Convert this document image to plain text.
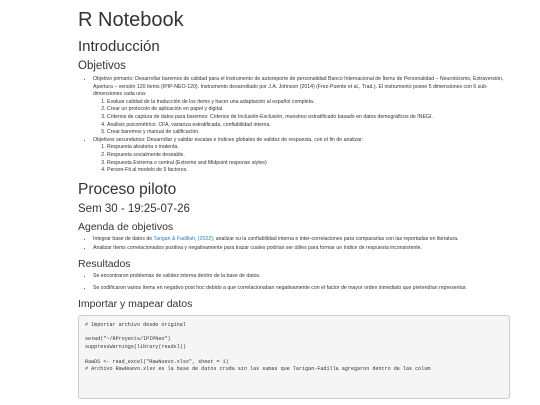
R Notebook
Introducción
Objetivos
• Objetivo primario: Desarrollar baremos de calidad para el instrumento de autoreporte de personalidad Banco Internacional de Ítems de Personalidad – Neuroticismo, Extraversión, Apertura – versión 120 ítems (IPIP-NEO-120). Instrumento desarrollado por J.A. Johnson (2014) (Frez-Puente et al., Trad.). El instrumento posee 5 dimensiones con 6 sub-dimensiones cada una:
1. Evaluar calidad de la traducción de los ítems y hacer una adaptación al español completa.
2. Crear un protocolo de aplicación en papel y digital.
3. Criterios de captura de datos para baremos: Criterios de Inclusión-Exclusión, muestreo estratificado basado en datos demográficos de INEGI.
4. Análisis psicométrico: CFA, varianza estratificada, confiabilidad interna.
5. Crear baremos y manual de calificación.
• Objetivos secundarios: Desarrollar y validar escalas e índices globales de validez de respuesta, con el fin de analizar:
1. Respuesta aleatoria o inatenta.
2. Respuesta socialmente deseable.
3. Respuesta Extrema o central (Extreme and Midpoint response styles)
4. Person-Fit al modelo de 5 factores.
Proceso piloto
Sem 30 - 19:25-07-26
Agenda de objetivos
• Integrar base de datos de Tarigan & Fadillah, (2022); analizar su la confiabilidad interna e inter-correlaciones para compararlas con las reportadas en literatura.
• Analizar ítems correlacionados positiva y negativamente para trazar cuales podrían ser útiles para formar un índice de respuesta inconsistente.
Resultados
• Se encontraron problemas de validez interna dentro de la base de datos.
• Se codificaron varios ítems en negativo post hoc debido a que correlacionaban negativamente con el factor de mayor orden inmediato que pretendían representar.
Importar y mapear datos
# Importar archivo desde original
setwd("~/RProyects/IPIPNeo")
suppressWarnings(library(readxl))
RawDS <- read_excel("RawNuevo.xlsx", sheet = 1)
# Archivo RawNuevo.xlsx es la base de datos cruda sin las sumas que Tarigan-Fadilla agregaron dentro de las colum
